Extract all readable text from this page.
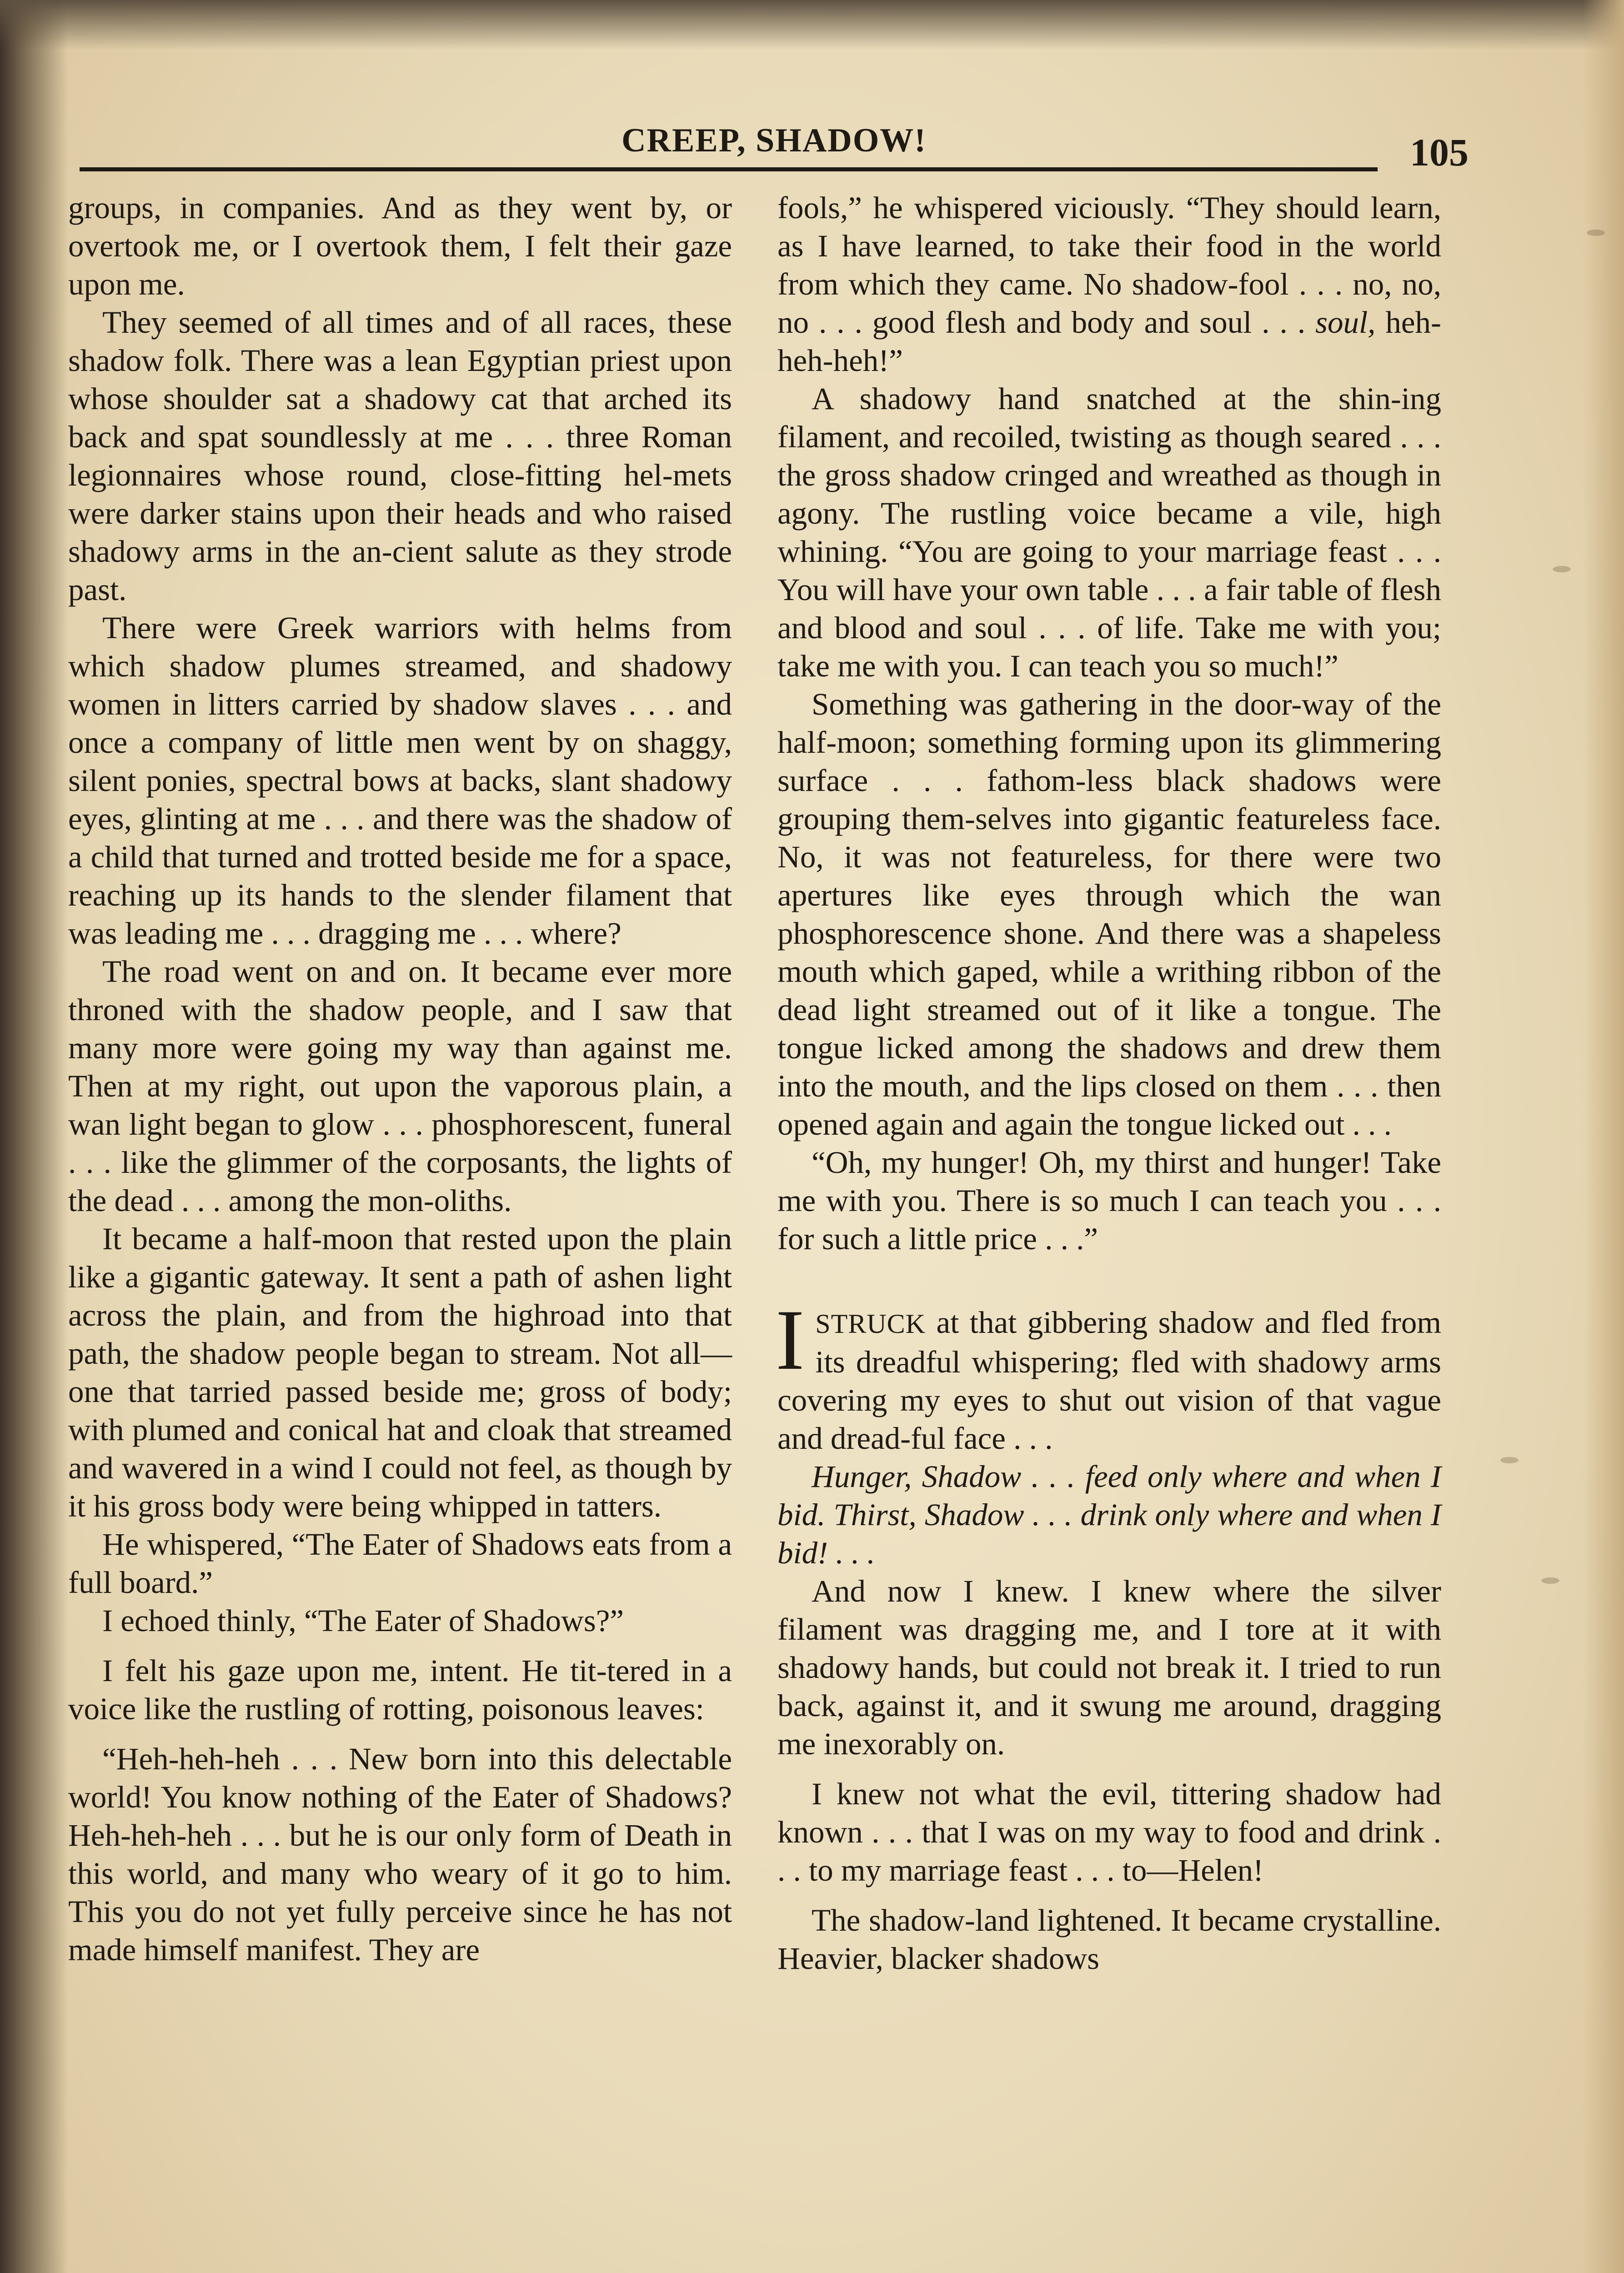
CREEP, SHADOW!	105

groups, in companies. And as they went by, or overtook me, or I overtook them, I felt their gaze upon me.

They seemed of all times and of all races, these shadow folk. There was a lean Egyptian priest upon whose shoulder sat a shadowy cat that arched its back and spat soundlessly at me . . . three Roman legionnaires whose round, close-fitting hel-mets were darker stains upon their heads and who raised shadowy arms in the an-cient salute as they strode past.

There were Greek warriors with helms from which shadow plumes streamed, and shadowy women in litters carried by shadow slaves . . . and once a company of little men went by on shaggy, silent ponies, spectral bows at backs, slant shadowy eyes, glinting at me . . . and there was the shadow of a child that turned and trotted beside me for a space, reaching up its hands to the slender filament that was leading me . . . dragging me . . . where?

The road went on and on. It became ever more throned with the shadow people, and I saw that many more were going my way than against me. Then at my right, out upon the vaporous plain, a wan light began to glow . . . phosphorescent, funeral . . . like the glimmer of the corposants, the lights of the dead . . . among the mon-oliths.

It became a half-moon that rested upon the plain like a gigantic gateway. It sent a path of ashen light across the plain, and from the highroad into that path, the shadow people began to stream. Not all—one that tarried passed beside me; gross of body; with plumed and conical hat and cloak that streamed and wavered in a wind I could not feel, as though by it his gross body were being whipped in tatters.

He whispered, “The Eater of Shadows eats from a full board.”

I echoed thinly, “The Eater of Shadows?”

I felt his gaze upon me, intent. He tit-tered in a voice like the rustling of rotting, poisonous leaves:

“Heh-heh-heh . . . New born into this delectable world! You know nothing of the Eater of Shadows? Heh-heh-heh . . . but he is our only form of Death in this world, and many who weary of it go to him. This you do not yet fully perceive since he has not made himself manifest. They are

fools,” he whispered viciously. “They should learn, as I have learned, to take their food in the world from which they came. No shadow-fool . . . no, no, no . . . good flesh and body and soul . . . soul, heh-heh-heh!”

A shadowy hand snatched at the shin-ing filament, and recoiled, twisting as though seared . . . the gross shadow cringed and wreathed as though in agony. The rustling voice became a vile, high whining. “You are going to your marriage feast . . . You will have your own table . . . a fair table of flesh and blood and soul . . . of life. Take me with you; take me with you. I can teach you so much!”

Something was gathering in the door-way of the half-moon; something forming upon its glimmering surface . . . fathom-less black shadows were grouping them-selves into gigantic featureless face. No, it was not featureless, for there were two apertures like eyes through which the wan phosphorescence shone. And there was a shapeless mouth which gaped, while a writhing ribbon of the dead light streamed out of it like a tongue. The tongue licked among the shadows and drew them into the mouth, and the lips closed on them . . . then opened again and again the tongue licked out . . .

“Oh, my hunger! Oh, my thirst and hunger! Take me with you. There is so much I can teach you . . . for such a little price . . .”

ISTRUCK at that gibbering shadow and fled from its dreadful whispering; fled with shadowy arms covering my eyes to shut out vision of that vague and dread-ful face . . .

Hunger, Shadow . . . feed only where and when I bid. Thirst, Shadow . . . drink only where and when I bid! . . .

And now I knew. I knew where the silver filament was dragging me, and I tore at it with shadowy hands, but could not break it. I tried to run back, against it, and it swung me around, dragging me inexorably on.

I knew not what the evil, tittering shadow had known . . . that I was on my way to food and drink . . . to my marriage feast . . . to—Helen!

The shadow-land lightened. It became crystalline. Heavier, blacker shadows
